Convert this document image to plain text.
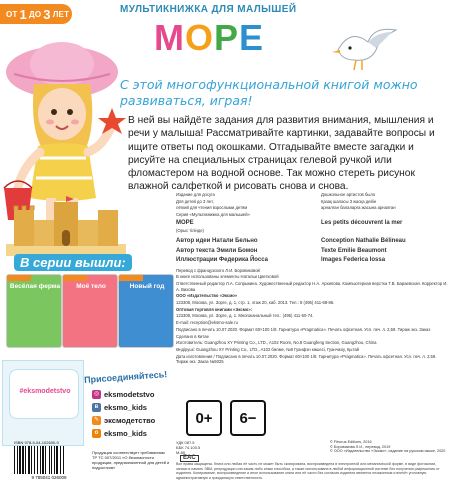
ОТ 1 ДО 3 ЛЕТ	МУЛЬТИКНИЖКА ДЛЯ МАЛЫШЕЙ
МОРЕ
С этой многофункциональной книгой можно развиваться, играя!
В ней вы найдёте задания для развития внимания, мышления и речи у малыша! Рассматривайте картинки, задавайте вопросы и ищите ответы под окошками. Отгадывайте вместе загадки и рисуйте на специальных страницах гелевой ручкой или фломастером на водной основе. Так можно стереть рисунок влажной салфеткой и рисовать снова и снова.

Издание для досуга

Для детей до 3 лет,

лёгкий для чтения взрослыми детям

Дошкольное артистов было

Қазақ шаласы 3 жасқа дейін

арналған балаларға жасына арналған

Серия «Мультикнижка для малышей»

МОРЕ

(Орыс тілінде)

Les petits découvrent la mer

Автор идеи Натали Бельно

Автор текста Эмили Бомон

Иллюстрации Федерика Йосса

Conception Nathalie Bélineau

Texte Emilie Beaumont

Images Federica Iossa

Перевод с французского Л.И. Боровиковой

В книге использованы элементы Натальи Цветковой

Ответственный редактор Л.А. Сопрыкина. Художественный редактор Н.А. Архипова. Компьютерная верстка Т.В. Бараевская. Корректор И. А. Вихова

ООО «Издательство «Эксмо»

123308, Москва, ул. Зорге, д. 1, стр. 1, этаж 20, каб. 2013. Тел.: 8 (495) 411-68-86.

Оптовая торговля книгами «Эксмо»:

123308, Москва, ул. Зорге, д. 1. Многоканальный тел.: (495) 411-50-74.

E-mail: reception@eksmo-sale.ru

Подписано в печать 10.07.2020. Формат 60×100 1/8. Гарнитура «Pragmatica». Печать офсетная. Усл. печ. л. 2,59. Тираж экз. Заказ

Сделано в Китае

Изготовитель: Guangzhou XY Printing Co., LTD., A102 Room, No.8 Guangfeng Section, Guangzhou, China

Өндіруші: Guangzhou XY Printing Co., LTD., A102 бөлме, №8 Гуанфэн көшесі, Гуанчжоу, Қытай

Дата изготовления / Подписано в печать 10.07.2020. Формат 60×100 1/8. Гарнитура «Pragmatica». Печать офсетная. Усл. печ. л. 2,59. Тираж экз. Заказ №5025

В серии вышли:
Весёлая ферма	Моё тело	Новый год
#eksmodetstvo
Присоединяйтесь!
◎ eksmodetstvo
в eksmo_kids
✎ эксмодетство
о eksmo_kids
ISBN 978-5-04-102600-9
9 785041 026009
Продукция соответствует требованиям ТР ТС 007/2011 «О безопасности продукции, предназначенной для детей и подростков»
0+	6−
УДК 087.5
ББК 74.100.5
М-80
EAC
© Fleurus Editions, 2016
© Боровикова Л.И., перевод, 2019
© ООО «Издательство «Эксмо», издание на русском языке, 2020
Все права защищены. Книга или любая её часть не может быть скопирована, воспроизведена в электронной или механической форме, в виде фотокопии, записи в память ЭВМ, репродукции или каким-либо иным способом, а также использована в любой информационной системе без получения разрешения от издателя. Копирование, воспроизведение и иное использование книги или её части без согласия издателя является незаконным и влечёт уголовную, административную и гражданскую ответственность.
